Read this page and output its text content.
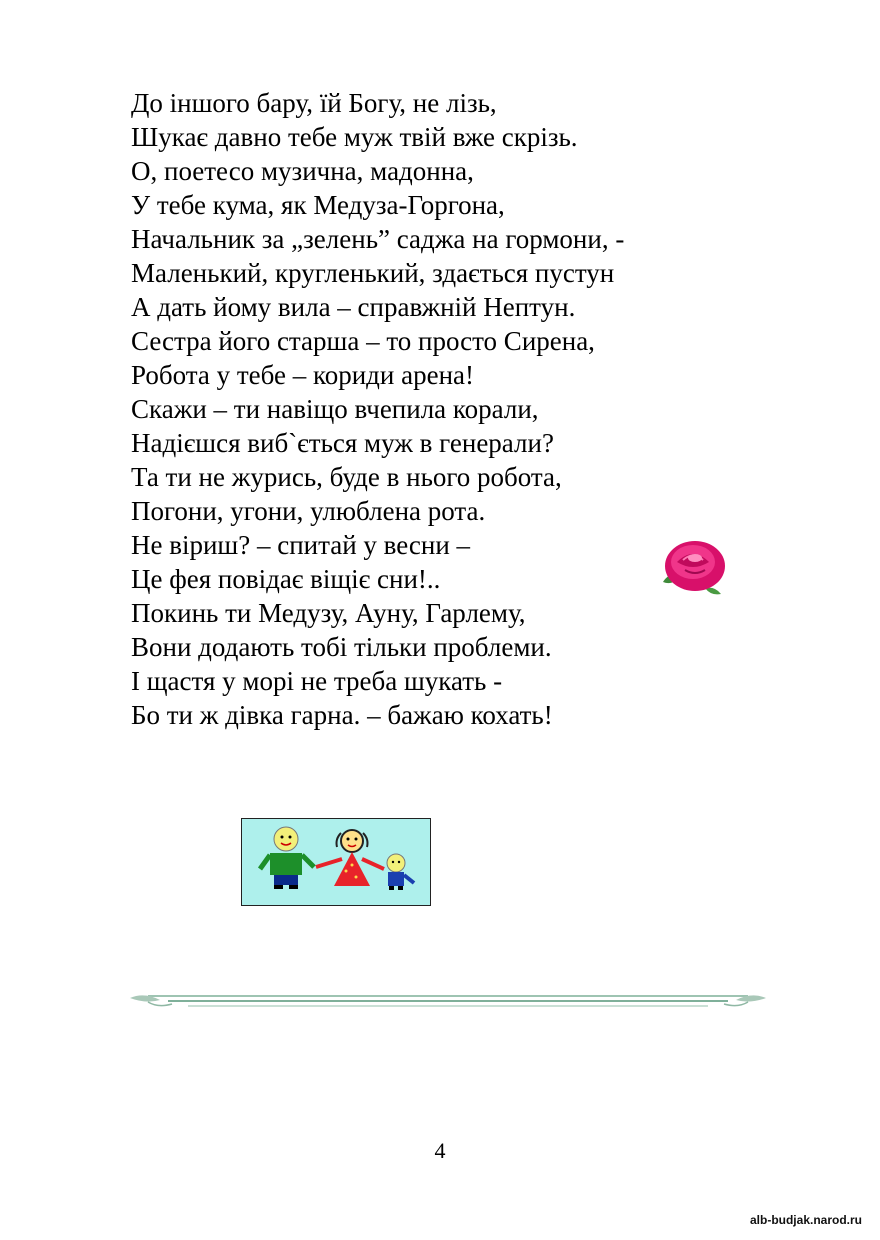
До іншого бару, їй Богу, не лізь,
Шукає давно тебе муж твій вже скрізь.
О, поетесо музична, мадонна,
У тебе кума, як Медуза-Горгона,
Начальник за „зелень” саджа на гормони, -
Маленький, кругленький, здається пустун
А дать йому вила – справжній Нептун.
Сестра його старша – то просто Сирена,
Робота у тебе – кориди арена!
Скажи – ти навіщо вчепила корали,
Надієшся виб`ється муж в генерали?
Та ти не журись, буде в нього робота,
Погони, угони, улюблена рота.
Не віриш? – спитай у весни –
Це фея повідає віщіє сни!..
Покинь ти Медузу, Ауну, Гарлему,
Вони додають тобі тільки проблеми.
І щастя у морі не треба шукать -
Бо ти ж дівка гарна. – бажаю кохать!
4
alb-budjak.narod.ru
